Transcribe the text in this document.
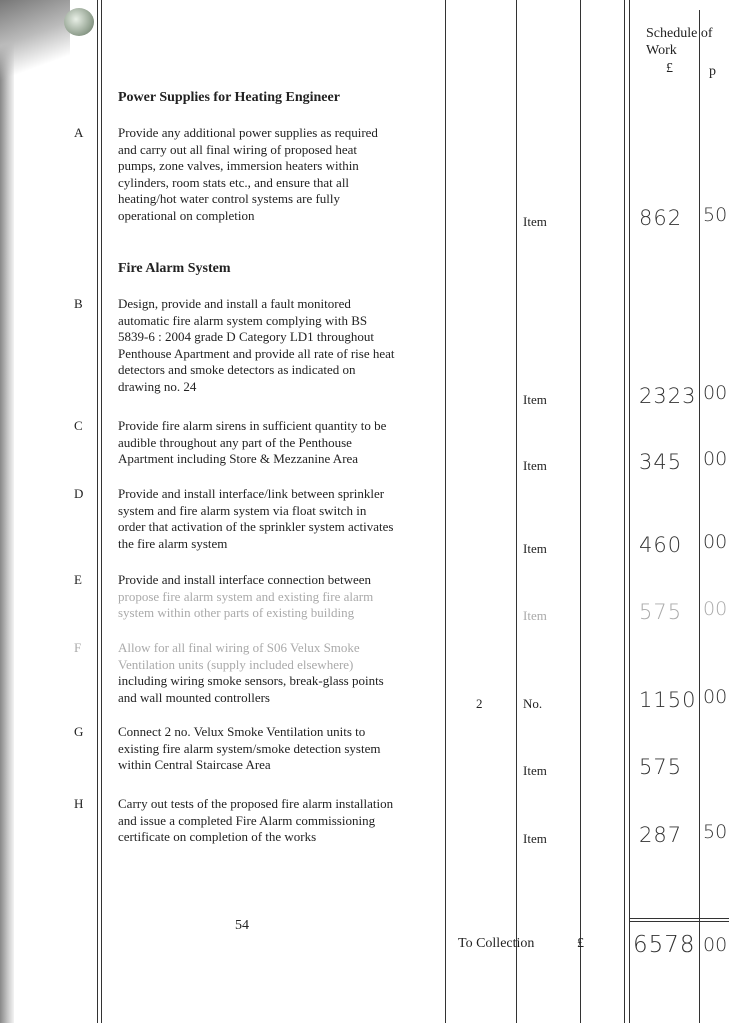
Schedule of
Work
£	p
Power Supplies for Heating Engineer
Fire Alarm System
A	Provide any additional power supplies as required
and carry out all final wiring of proposed heat
pumps, zone valves, immersion heaters within
cylinders, room stats etc., and ensure that all
heating/hot water control systems are fully
operational on completion	Item	862 50
B	Design, provide and install a fault monitored
automatic fire alarm system complying with BS
5839-6 : 2004 grade D Category LD1 throughout
Penthouse Apartment and provide all rate of rise heat
detectors and smoke detectors as indicated on
drawing no. 24
Item	2323 00
C	Provide fire alarm sirens in sufficient quantity to be
audible throughout any part of the Penthouse
Apartment including Store & Mezzanine Area	Item	345 00
D	Provide and install interface/link between sprinkler
system and fire alarm system via float switch in
order that activation of the sprinkler system activates
the fire alarm system	Item	460 00
E	Provide and install interface connection between
propose fire alarm system and existing fire alarm
system within other parts of existing building	Item	575 00
F	Allow for all final wiring of S06 Velux Smoke
Ventilation units (supply included elsewhere)
including wiring smoke sensors, break-glass points
and wall mounted controllers	2	No.	1150 00
G	Connect 2 no. Velux Smoke Ventilation units to
existing fire alarm system/smoke detection system
within Central Staircase Area	Item	575
H	Carry out tests of the proposed fire alarm installation
and issue a completed Fire Alarm commissioning
certificate on completion of the works	Item	287 50
54
To Collection	£ 6578 00
